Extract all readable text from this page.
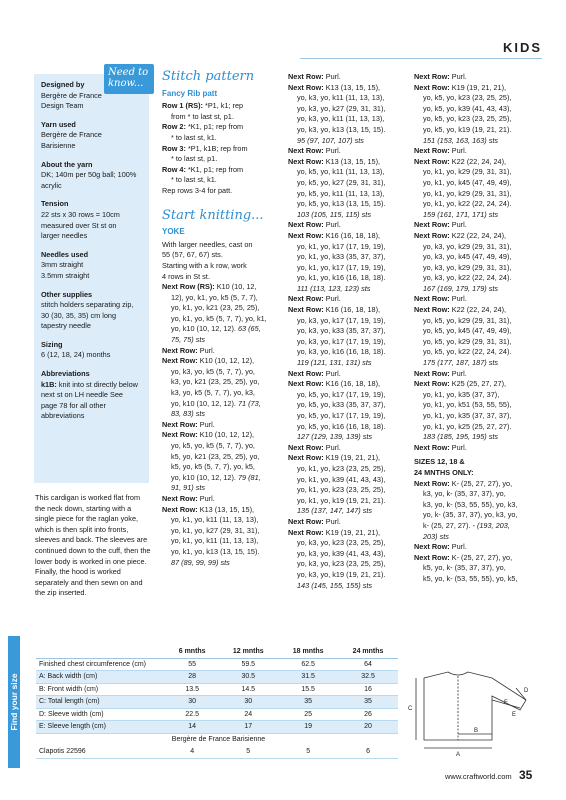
KIDS
Designed by
Bergère de France Design Team
Yarn used
Bergère de France Barisienne
About the yarn
DK; 140m per 50g ball; 100% acrylic
Tension
22 sts x 30 rows = 10cm measured over St st on larger needles
Needles used
3mm straight
3.5mm straight
Other supplies
stitch holders separating zip, 30 (30, 35, 35) cm long tapestry needle
Sizing
6 (12, 18, 24) months
Abbreviations
k1B: knit into st directly below next st on LH needle See page 78 for all other abbreviations
Need to know...
This cardigan is worked flat from the neck down, starting with a single piece for the raglan yoke, which is then split into fronts, sleeves and back. The sleeves are continued down to the cuff, then the lower body is worked in one piece. Finally, the hood is worked separately and then sewn on and the zip inserted.
Stitch pattern
Fancy Rib patt

Row 1 (RS): *P1, k1; rep

from * to last st, p1.

Row 2: *K1, p1; rep from

* to last st, k1.

Row 3: *P1, k1B; rep from

* to last st, p1.

Row 4: *K1, p1; rep from

* to last st, k1.

Rep rows 3-4 for patt.

Start knitting...
YOKE

With larger needles, cast on

55 (57, 67, 67) sts.

Starting with a k row, work

4 rows in St st.

Next Row (RS): K10 (10, 12,

12), yo, k1, yo, k5 (5, 7, 7),

yo, k1, yo, k21 (23, 25, 25),

yo, k1, yo, k5 (5, 7, 7), yo, k1,

yo, k10 (10, 12, 12). 63 (65,

75, 75) sts

Next Row: Purl.

Next Row: K10 (10, 12, 12),

yo, k3, yo, k5 (5, 7, 7), yo,

k3, yo, k21 (23, 25, 25), yo,

k3, yo, k5 (5, 7, 7), yo, k3,

yo, k10 (10, 12, 12). 71 (73,

83, 83) sts

Next Row: Purl.

Next Row: K10 (10, 12, 12),

yo, k5, yo, k5 (5, 7, 7), yo,

k5, yo, k21 (23, 25, 25), yo,

k5, yo, k5 (5, 7, 7), yo, k5,

yo, k10 (10, 12, 12). 79 (81,

91, 91) sts

Next Row: Purl.

Next Row: K13 (13, 15, 15),

yo, k1, yo, k11 (11, 13, 13),

yo, k1, yo, k27 (29, 31, 31),

yo, k1, yo, k11 (11, 13, 13),

yo, k1, yo, k13 (13, 15, 15).

87 (89, 99, 99) sts

Next Row: Purl.

Next Row: K13 (13, 15, 15),

yo, k3, yo, k11 (11, 13, 13),

yo, k3, yo, k27 (29, 31, 31),

yo, k3, yo, k11 (11, 13, 13),

yo, k3, yo, k13 (13, 15, 15).

95 (97, 107, 107) sts

Next Row: Purl.

Next Row: K13 (13, 15, 15),

yo, k5, yo, k11 (11, 13, 13),

yo, k5, yo, k27 (29, 31, 31),

yo, k5, yo, k11 (11, 13, 13),

yo, k5, yo, k13 (13, 15, 15).

103 (105, 115, 115) sts

Next Row: Purl.

Next Row: K16 (16, 18, 18),

yo, k1, yo, k17 (17, 19, 19),

yo, k1, yo, k33 (35, 37, 37),

yo, k1, yo, k17 (17, 19, 19),

yo, k1, yo, k16 (16, 18, 18).

111 (113, 123, 123) sts

Next Row: Purl.

Next Row: K16 (16, 18, 18),

yo, k3, yo, k17 (17, 19, 19),

yo, k3, yo, k33 (35, 37, 37),

yo, k3, yo, k17 (17, 19, 19),

yo, k3, yo, k16 (16, 18, 18).

119 (121, 131, 131) sts

Next Row: Purl.

Next Row: K16 (16, 18, 18),

yo, k5, yo, k17 (17, 19, 19),

yo, k5, yo, k33 (35, 37, 37),

yo, k5, yo, k17 (17, 19, 19),

yo, k5, yo, k16 (16, 18, 18).

127 (129, 139, 139) sts

Next Row: Purl.

Next Row: K19 (19, 21, 21),

yo, k1, yo, k23 (23, 25, 25),

yo, k1, yo, k39 (41, 43, 43),

yo, k1, yo, k23 (23, 25, 25),

yo, k1, yo, k19 (19, 21, 21).

135 (137, 147, 147) sts

Next Row: Purl.

Next Row: K19 (19, 21, 21),

yo, k3, yo, k23 (23, 25, 25),

yo, k3, yo, k39 (41, 43, 43),

yo, k3, yo, k23 (23, 25, 25),

yo, k3, yo, k19 (19, 21, 21).

143 (145, 155, 155) sts

Next Row: Purl.

Next Row: K19 (19, 21, 21),

yo, k5, yo, k23 (23, 25, 25),

yo, k5, yo, k39 (41, 43, 43),

yo, k5, yo, k23 (23, 25, 25),

yo, k5, yo, k19 (19, 21, 21).

151 (153, 163, 163) sts

Next Row: Purl.

Next Row: K22 (22, 24, 24),

yo, k1, yo, k29 (29, 31, 31),

yo, k1, yo, k45 (47, 49, 49),

yo, k1, yo, k29 (29, 31, 31),

yo, k1, yo, k22 (22, 24, 24).

159 (161, 171, 171) sts

Next Row: Purl.

Next Row: K22 (22, 24, 24),

yo, k3, yo, k29 (29, 31, 31),

yo, k3, yo, k45 (47, 49, 49),

yo, k3, yo, k29 (29, 31, 31),

yo, k3, yo, k22 (22, 24, 24).

167 (169, 179, 179) sts

Next Row: Purl.

Next Row: K22 (22, 24, 24),

yo, k5, yo, k29 (29, 31, 31),

yo, k5, yo, k45 (47, 49, 49),

yo, k5, yo, k29 (29, 31, 31),

yo, k5, yo, k22 (22, 24, 24).

175 (177, 187, 187) sts

Next Row: Purl.

Next Row: K25 (25, 27, 27),

yo, k1, yo, k35 (37, 37),

yo, k1, yo, k51 (53, 55, 55),

yo, k1, yo, k35 (37, 37, 37),

yo, k1, yo, k25 (25, 27, 27).

183 (185, 195, 195) sts

Next Row: Purl.

SIZES 12, 18 &

24 MNTHS ONLY:

Next Row: K- (25, 27, 27), yo,

k3, yo, k- (35, 37, 37), yo,

k3, yo, k- (53, 55, 55), yo, k3,

yo, k- (35, 37, 37), yo, k3, yo,

k- (25, 27, 27). - (193, 203,

203) sts

Next Row: Purl.

Next Row: K- (25, 27, 27), yo,

k5, yo, k- (35, 37, 37), yo,

k5, yo, k- (53, 55, 55), yo, k5,

Find your size
	6 mnths	12 mnths	18 mnths	24 mnths
Finished chest circumference (cm)	55	59.5	62.5	64
A: Back width (cm)	28	30.5	31.5	32.5
B: Front width (cm)	13.5	14.5	15.5	16
C: Total length (cm)	30	30	35	35
D: Sleeve width (cm)	22.5	24	25	26
E: Sleeve length (cm)	14	17	19	20
Bergère de France Barisienne				
Clapotis 22596	4	5	5	6
C
A
B
F
D
E
www.craftworld.com 35
